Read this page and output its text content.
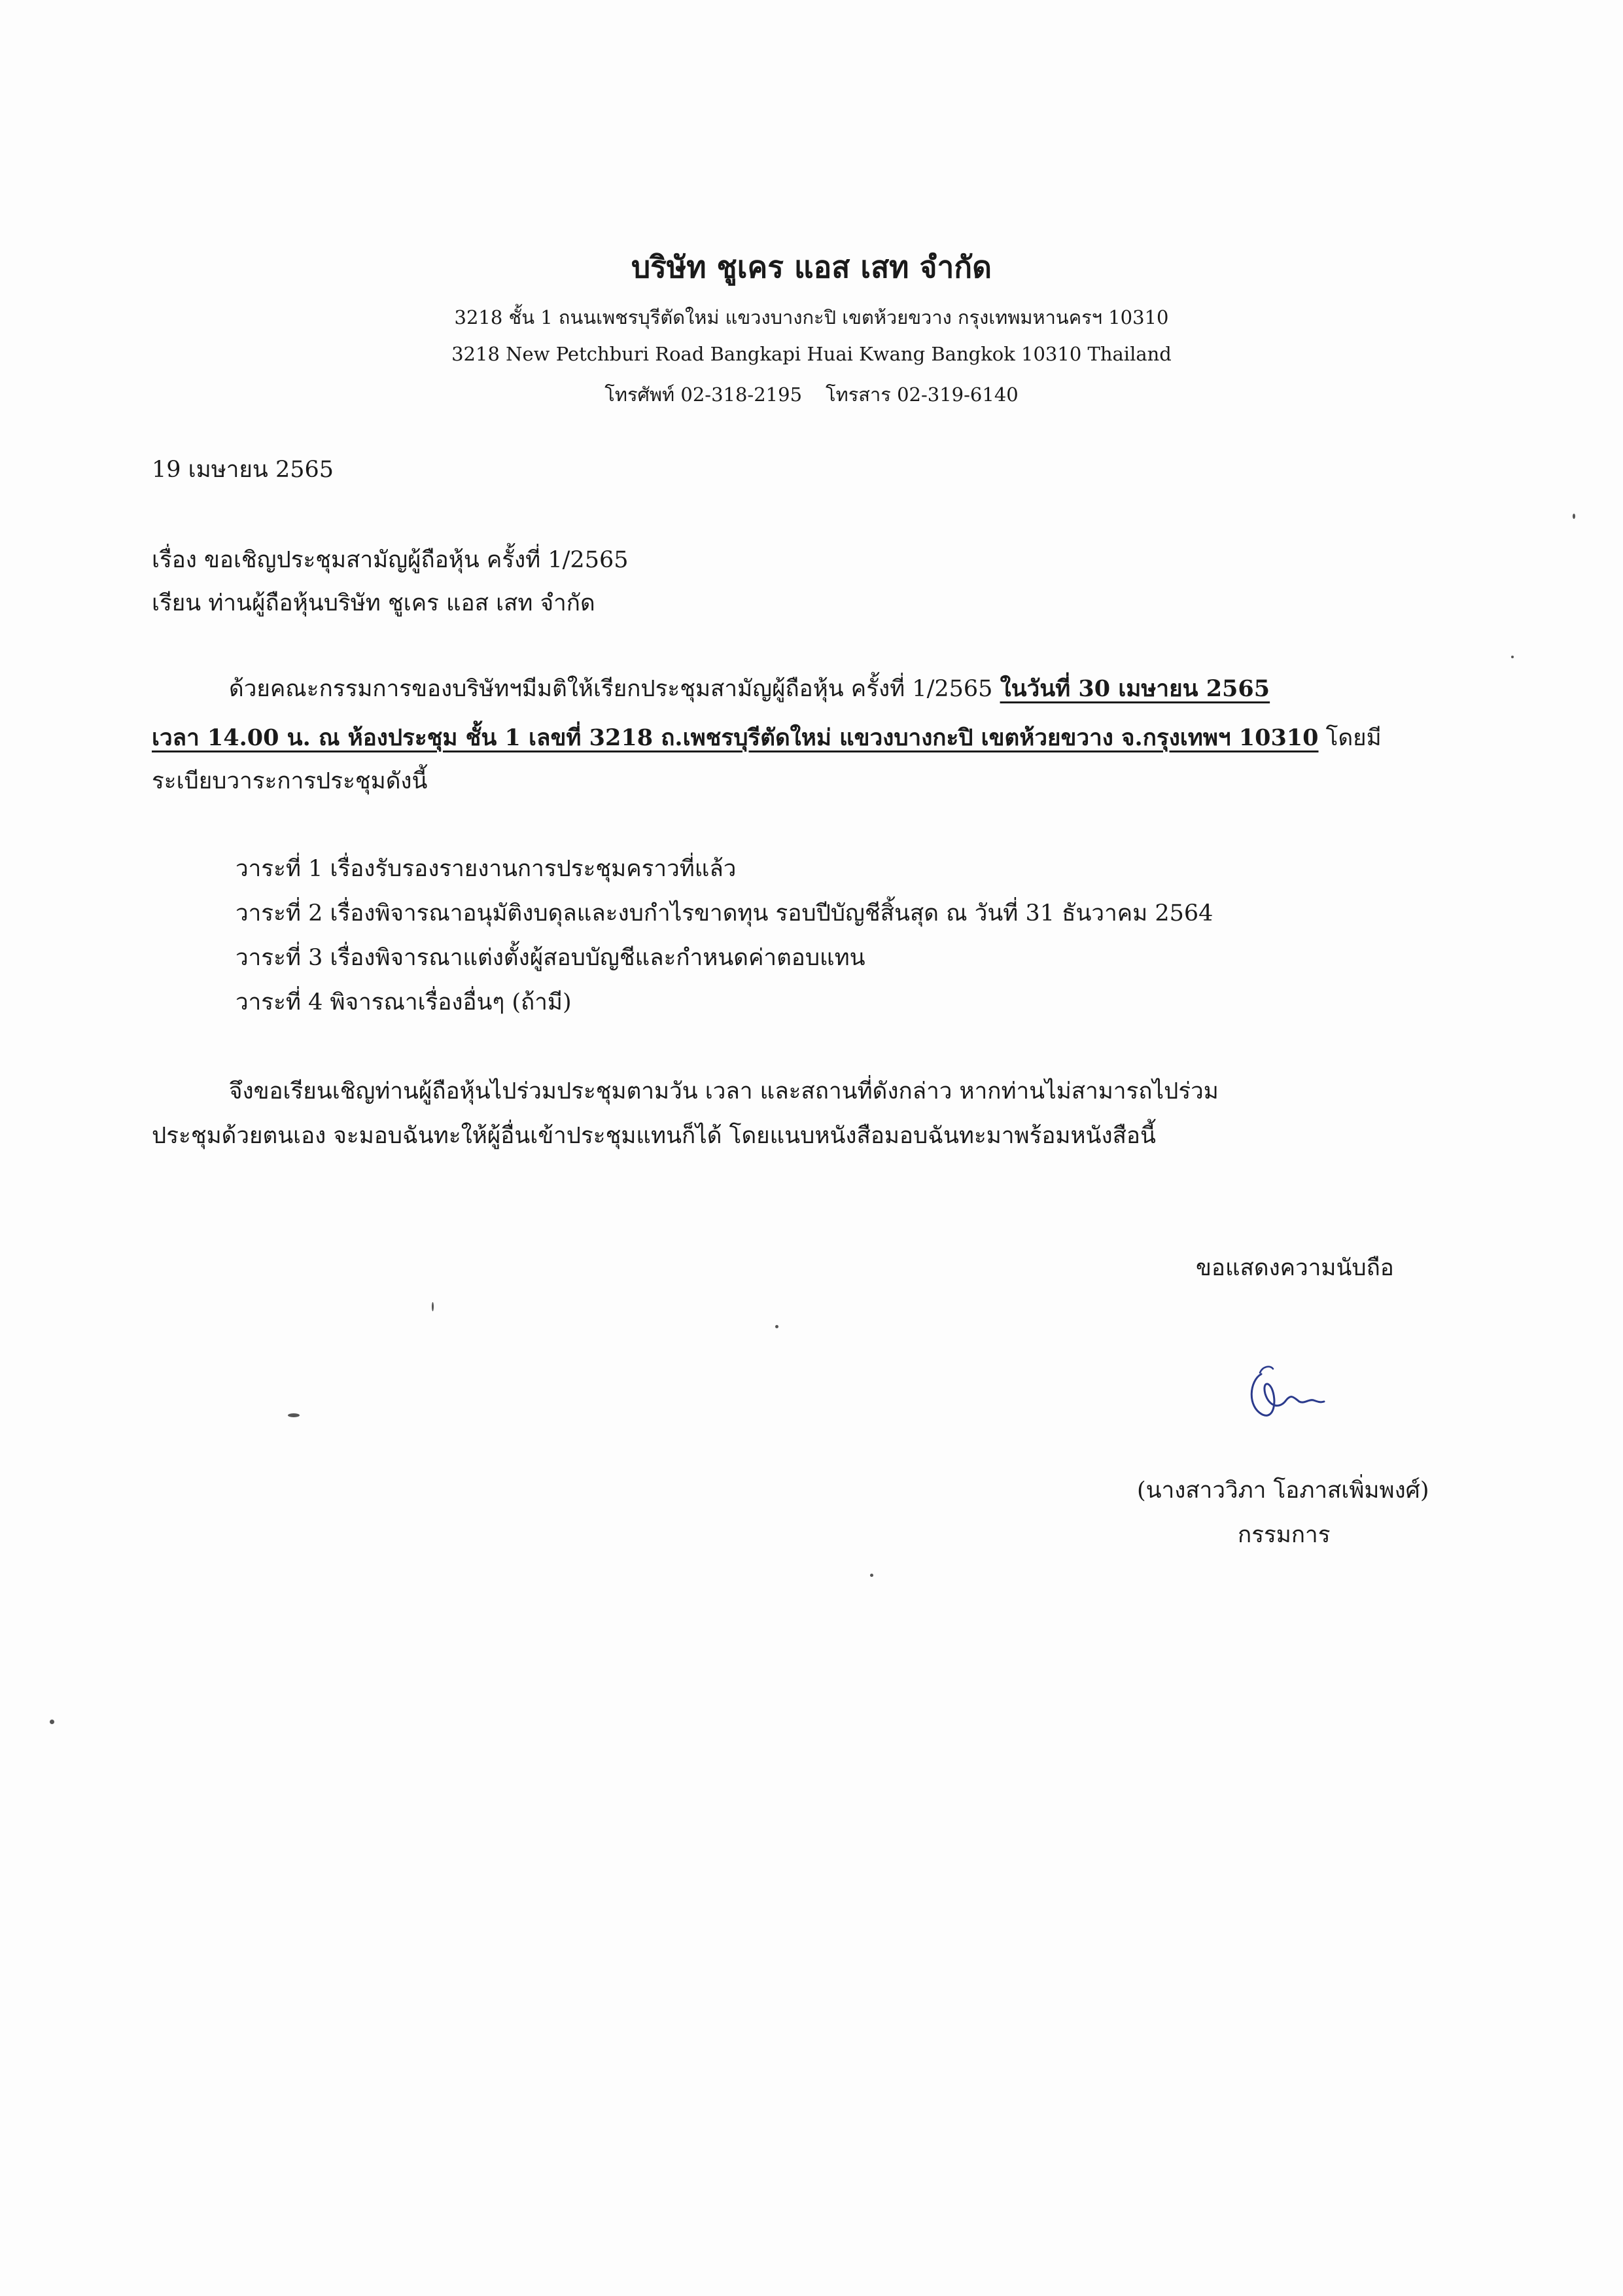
บริษัท ชูเคร แอส เสท จำกัด
3218 ชั้น 1 ถนนเพชรบุรีตัดใหม่ แขวงบางกะปิ เขตห้วยขวาง กรุงเทพมหานครฯ 10310
3218 New Petchburi Road Bangkapi Huai Kwang Bangkok 10310 Thailand
โทรศัพท์ 02-318-2195 โทรสาร 02-319-6140
19 เมษายน 2565
เรื่อง ขอเชิญประชุมสามัญผู้ถือหุ้น ครั้งที่ 1/2565
เรียน ท่านผู้ถือหุ้นบริษัท ชูเคร แอส เสท จำกัด
ด้วยคณะกรรมการของบริษัทฯมีมติให้เรียกประชุมสามัญผู้ถือหุ้น ครั้งที่ 1/2565 ในวันที่ 30 เมษายน 2565
เวลา 14.00 น. ณ ห้องประชุม ชั้น 1 เลขที่ 3218 ถ.เพชรบุรีตัดใหม่ แขวงบางกะปิ เขตห้วยขวาง จ.กรุงเทพฯ 10310 โดยมี
ระเบียบวาระการประชุมดังนี้
วาระที่ 1 เรื่องรับรองรายงานการประชุมคราวที่แล้ว
วาระที่ 2 เรื่องพิจารณาอนุมัติงบดุลและงบกำไรขาดทุน รอบปีบัญชีสิ้นสุด ณ วันที่ 31 ธันวาคม 2564
วาระที่ 3 เรื่องพิจารณาแต่งตั้งผู้สอบบัญชีและกำหนดค่าตอบแทน
วาระที่ 4 พิจารณาเรื่องอื่นๆ (ถ้ามี)
จึงขอเรียนเชิญท่านผู้ถือหุ้นไปร่วมประชุมตามวัน เวลา และสถานที่ดังกล่าว หากท่านไม่สามารถไปร่วม
ประชุมด้วยตนเอง จะมอบฉันทะให้ผู้อื่นเข้าประชุมแทนก็ได้ โดยแนบหนังสือมอบฉันทะมาพร้อมหนังสือนี้
ขอแสดงความนับถือ
(นางสาววิภา โอภาสเพิ่มพงศ์)
กรรมการ
